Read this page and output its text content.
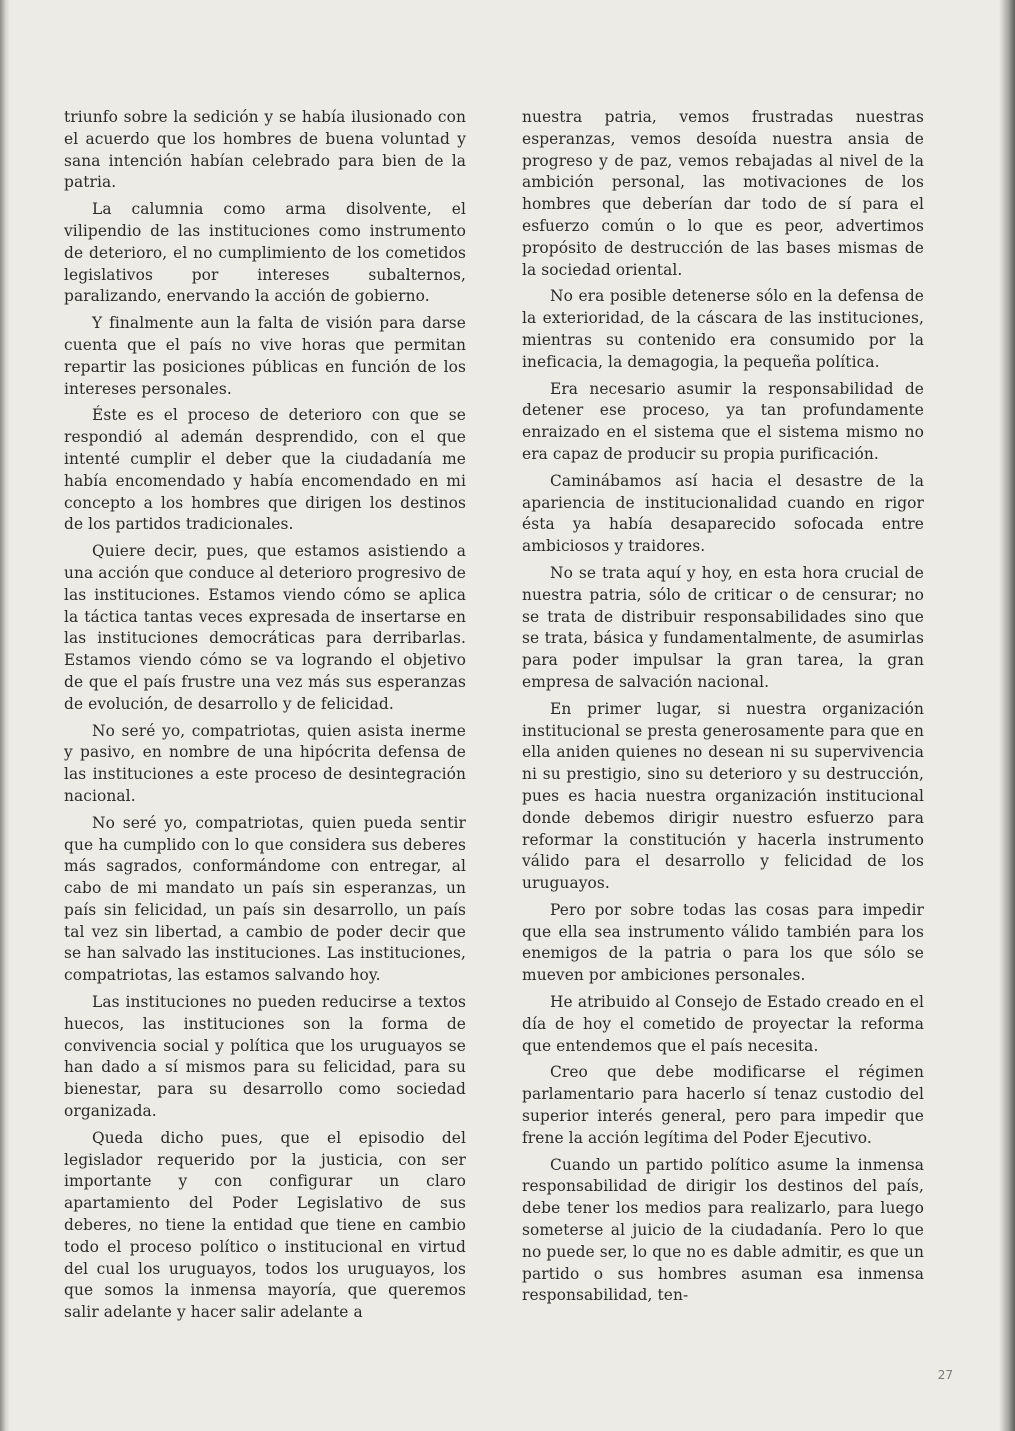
triunfo sobre la sedición y se había ilusionado con el acuerdo que los hombres de buena voluntad y sana intención habían celebrado para bien de la patria.

La calumnia como arma disolvente, el vilipendio de las instituciones como instrumento de deterioro, el no cumplimiento de los cometidos legislativos por intereses subalternos, paralizando, enervando la acción de gobierno.

Y finalmente aun la falta de visión para darse cuenta que el país no vive horas que permitan repartir las posiciones públicas en función de los intereses personales.

Éste es el proceso de deterioro con que se respondió al ademán desprendido, con el que intenté cumplir el deber que la ciudadanía me había encomendado y había encomendado en mi concepto a los hombres que dirigen los destinos de los partidos tradicionales.

Quiere decir, pues, que estamos asistiendo a una acción que conduce al deterioro progresivo de las instituciones. Estamos viendo cómo se aplica la táctica tantas veces expresada de insertarse en las instituciones democráticas para derribarlas. Estamos viendo cómo se va logrando el objetivo de que el país frustre una vez más sus esperanzas de evolución, de desarrollo y de felicidad.

No seré yo, compatriotas, quien asista inerme y pasivo, en nombre de una hipócrita defensa de las instituciones a este proceso de desintegración nacional.

No seré yo, compatriotas, quien pueda sentir que ha cumplido con lo que considera sus deberes más sagrados, conformándome con entregar, al cabo de mi mandato un país sin esperanzas, un país sin felicidad, un país sin desarrollo, un país tal vez sin libertad, a cambio de poder decir que se han salvado las instituciones. Las instituciones, compatriotas, las estamos salvando hoy.

Las instituciones no pueden reducirse a textos huecos, las instituciones son la forma de convivencia social y política que los uruguayos se han dado a sí mismos para su felicidad, para su bienestar, para su desarrollo como sociedad organizada.

Queda dicho pues, que el episodio del legislador requerido por la justicia, con ser importante y con configurar un claro apartamiento del Poder Legislativo de sus deberes, no tiene la entidad que tiene en cambio todo el proceso político o institucional en virtud del cual los uruguayos, todos los uruguayos, los que somos la inmensa mayoría, que queremos salir adelante y hacer salir adelante a

nuestra patria, vemos frustradas nuestras esperanzas, vemos desoída nuestra ansia de progreso y de paz, vemos rebajadas al nivel de la ambición personal, las motivaciones de los hombres que deberían dar todo de sí para el esfuerzo común o lo que es peor, advertimos propósito de destrucción de las bases mismas de la sociedad oriental.

No era posible detenerse sólo en la defensa de la exterioridad, de la cáscara de las instituciones, mientras su contenido era consumido por la ineficacia, la demagogia, la pequeña política.

Era necesario asumir la responsabilidad de detener ese proceso, ya tan profundamente enraizado en el sistema que el sistema mismo no era capaz de producir su propia purificación.

Caminábamos así hacia el desastre de la apariencia de institucionalidad cuando en rigor ésta ya había desaparecido sofocada entre ambiciosos y traidores.

No se trata aquí y hoy, en esta hora crucial de nuestra patria, sólo de criticar o de censurar; no se trata de distribuir responsabilidades sino que se trata, básica y fundamentalmente, de asumirlas para poder impulsar la gran tarea, la gran empresa de salvación nacional.

En primer lugar, si nuestra organización institucional se presta generosamente para que en ella aniden quienes no desean ni su supervivencia ni su prestigio, sino su deterioro y su destrucción, pues es hacia nuestra organización institucional donde debemos dirigir nuestro esfuerzo para reformar la constitución y hacerla instrumento válido para el desarrollo y felicidad de los uruguayos.

Pero por sobre todas las cosas para impedir que ella sea instrumento válido también para los enemigos de la patria o para los que sólo se mueven por ambiciones personales.

He atribuido al Consejo de Estado creado en el día de hoy el cometido de proyectar la reforma que entendemos que el país necesita.

Creo que debe modificarse el régimen parlamentario para hacerlo sí tenaz custodio del superior interés general, pero para impedir que frene la acción legítima del Poder Ejecutivo.

Cuando un partido político asume la inmensa responsabilidad de dirigir los destinos del país, debe tener los medios para realizarlo, para luego someterse al juicio de la ciudadanía. Pero lo que no puede ser, lo que no es dable admitir, es que un partido o sus hombres asuman esa inmensa responsabilidad, ten-

27
